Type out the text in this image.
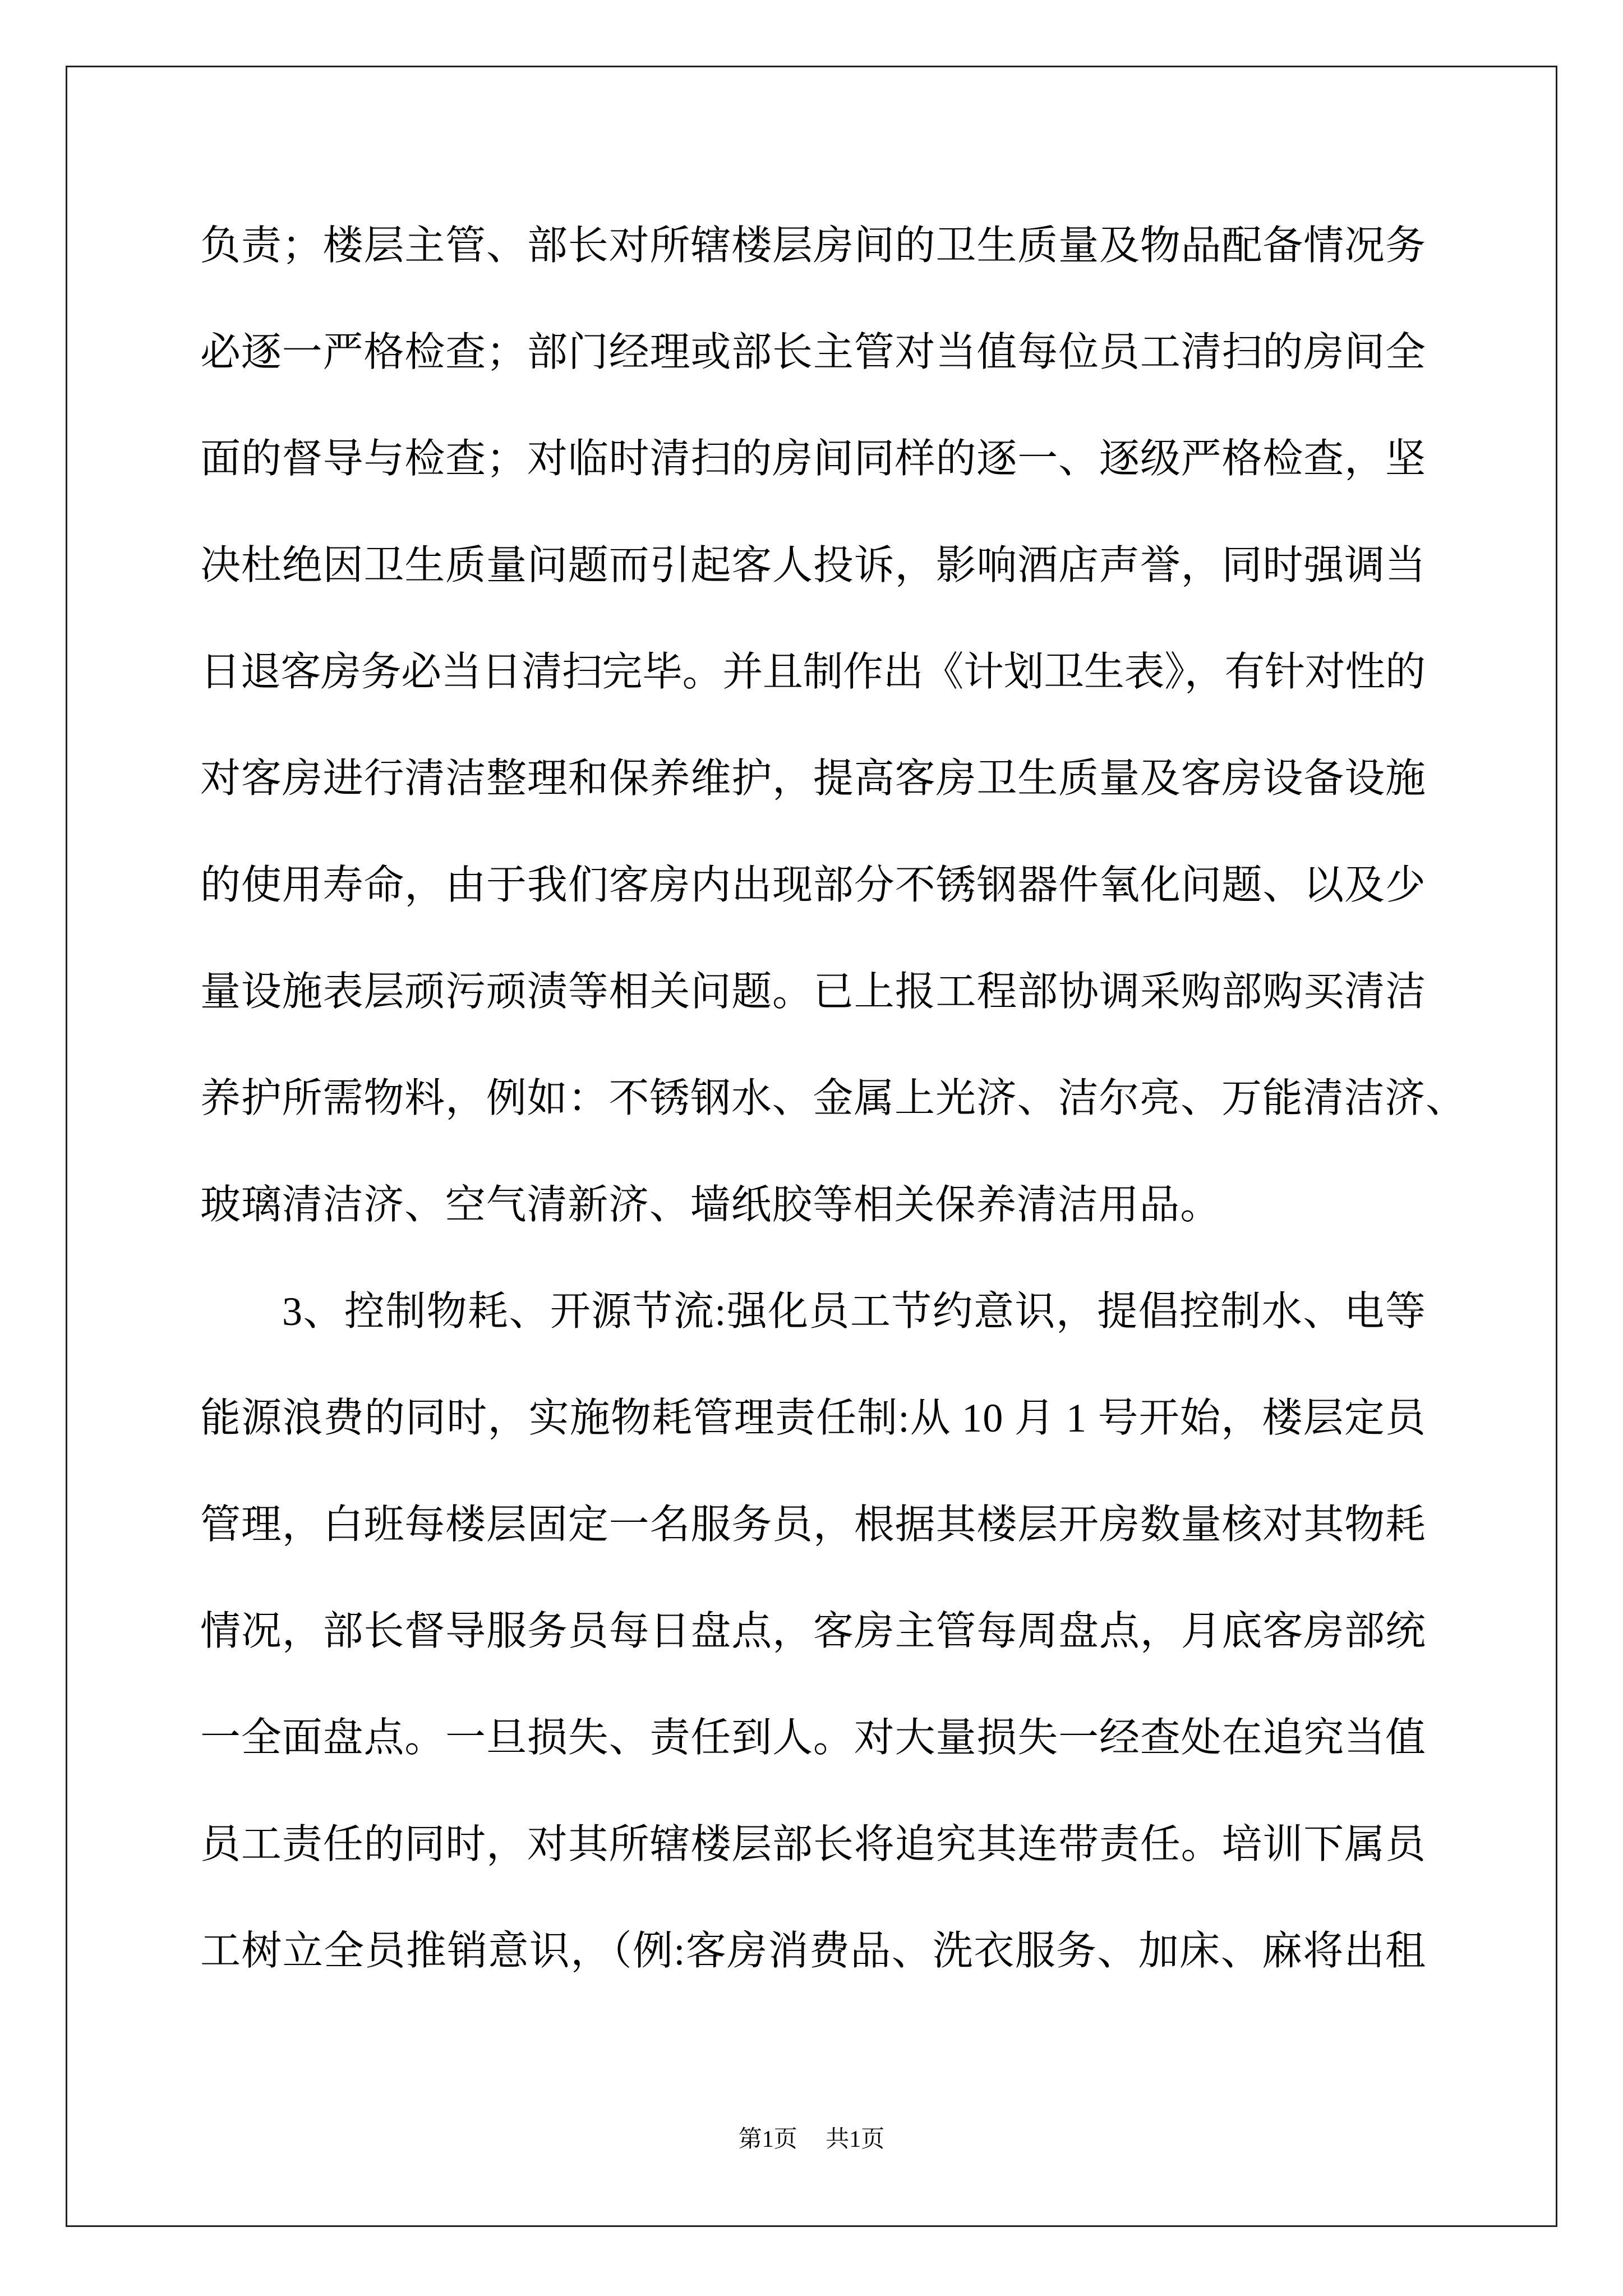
负责；楼层主管、部长对所辖楼层房间的卫生质量及物品配备情况务
必逐一严格检查；部门经理或部长主管对当值每位员工清扫的房间全
面的督导与检查；对临时清扫的房间同样的逐一、逐级严格检查，坚
决杜绝因卫生质量问题而引起客人投诉，影响酒店声誉，同时强调当
日退客房务必当日清扫完毕。并且制作出《计划卫生表》，有针对性的
对客房进行清洁整理和保养维护，提高客房卫生质量及客房设备设施
的使用寿命，由于我们客房内出现部分不锈钢器件氧化问题、以及少
量设施表层顽污顽渍等相关问题。已上报工程部协调采购部购买清洁
养护所需物料，例如：不锈钢水、金属上光济、洁尔亮、万能清洁济、
玻璃清洁济、空气清新济、墙纸胶等相关保养清洁用品。
3、控制物耗、开源节流:强化员工节约意识，提倡控制水、电等
能源浪费的同时，实施物耗管理责任制:从 10 月 1 号开始，楼层定员
管理，白班每楼层固定一名服务员，根据其楼层开房数量核对其物耗
情况，部长督导服务员每日盘点，客房主管每周盘点，月底客房部统
一全面盘点。一旦损失、责任到人。对大量损失一经查处在追究当值
员工责任的同时，对其所辖楼层部长将追究其连带责任。培训下属员
工树立全员推销意识，（例:客房消费品、洗衣服务、加床、麻将出租
第1页 共1页
